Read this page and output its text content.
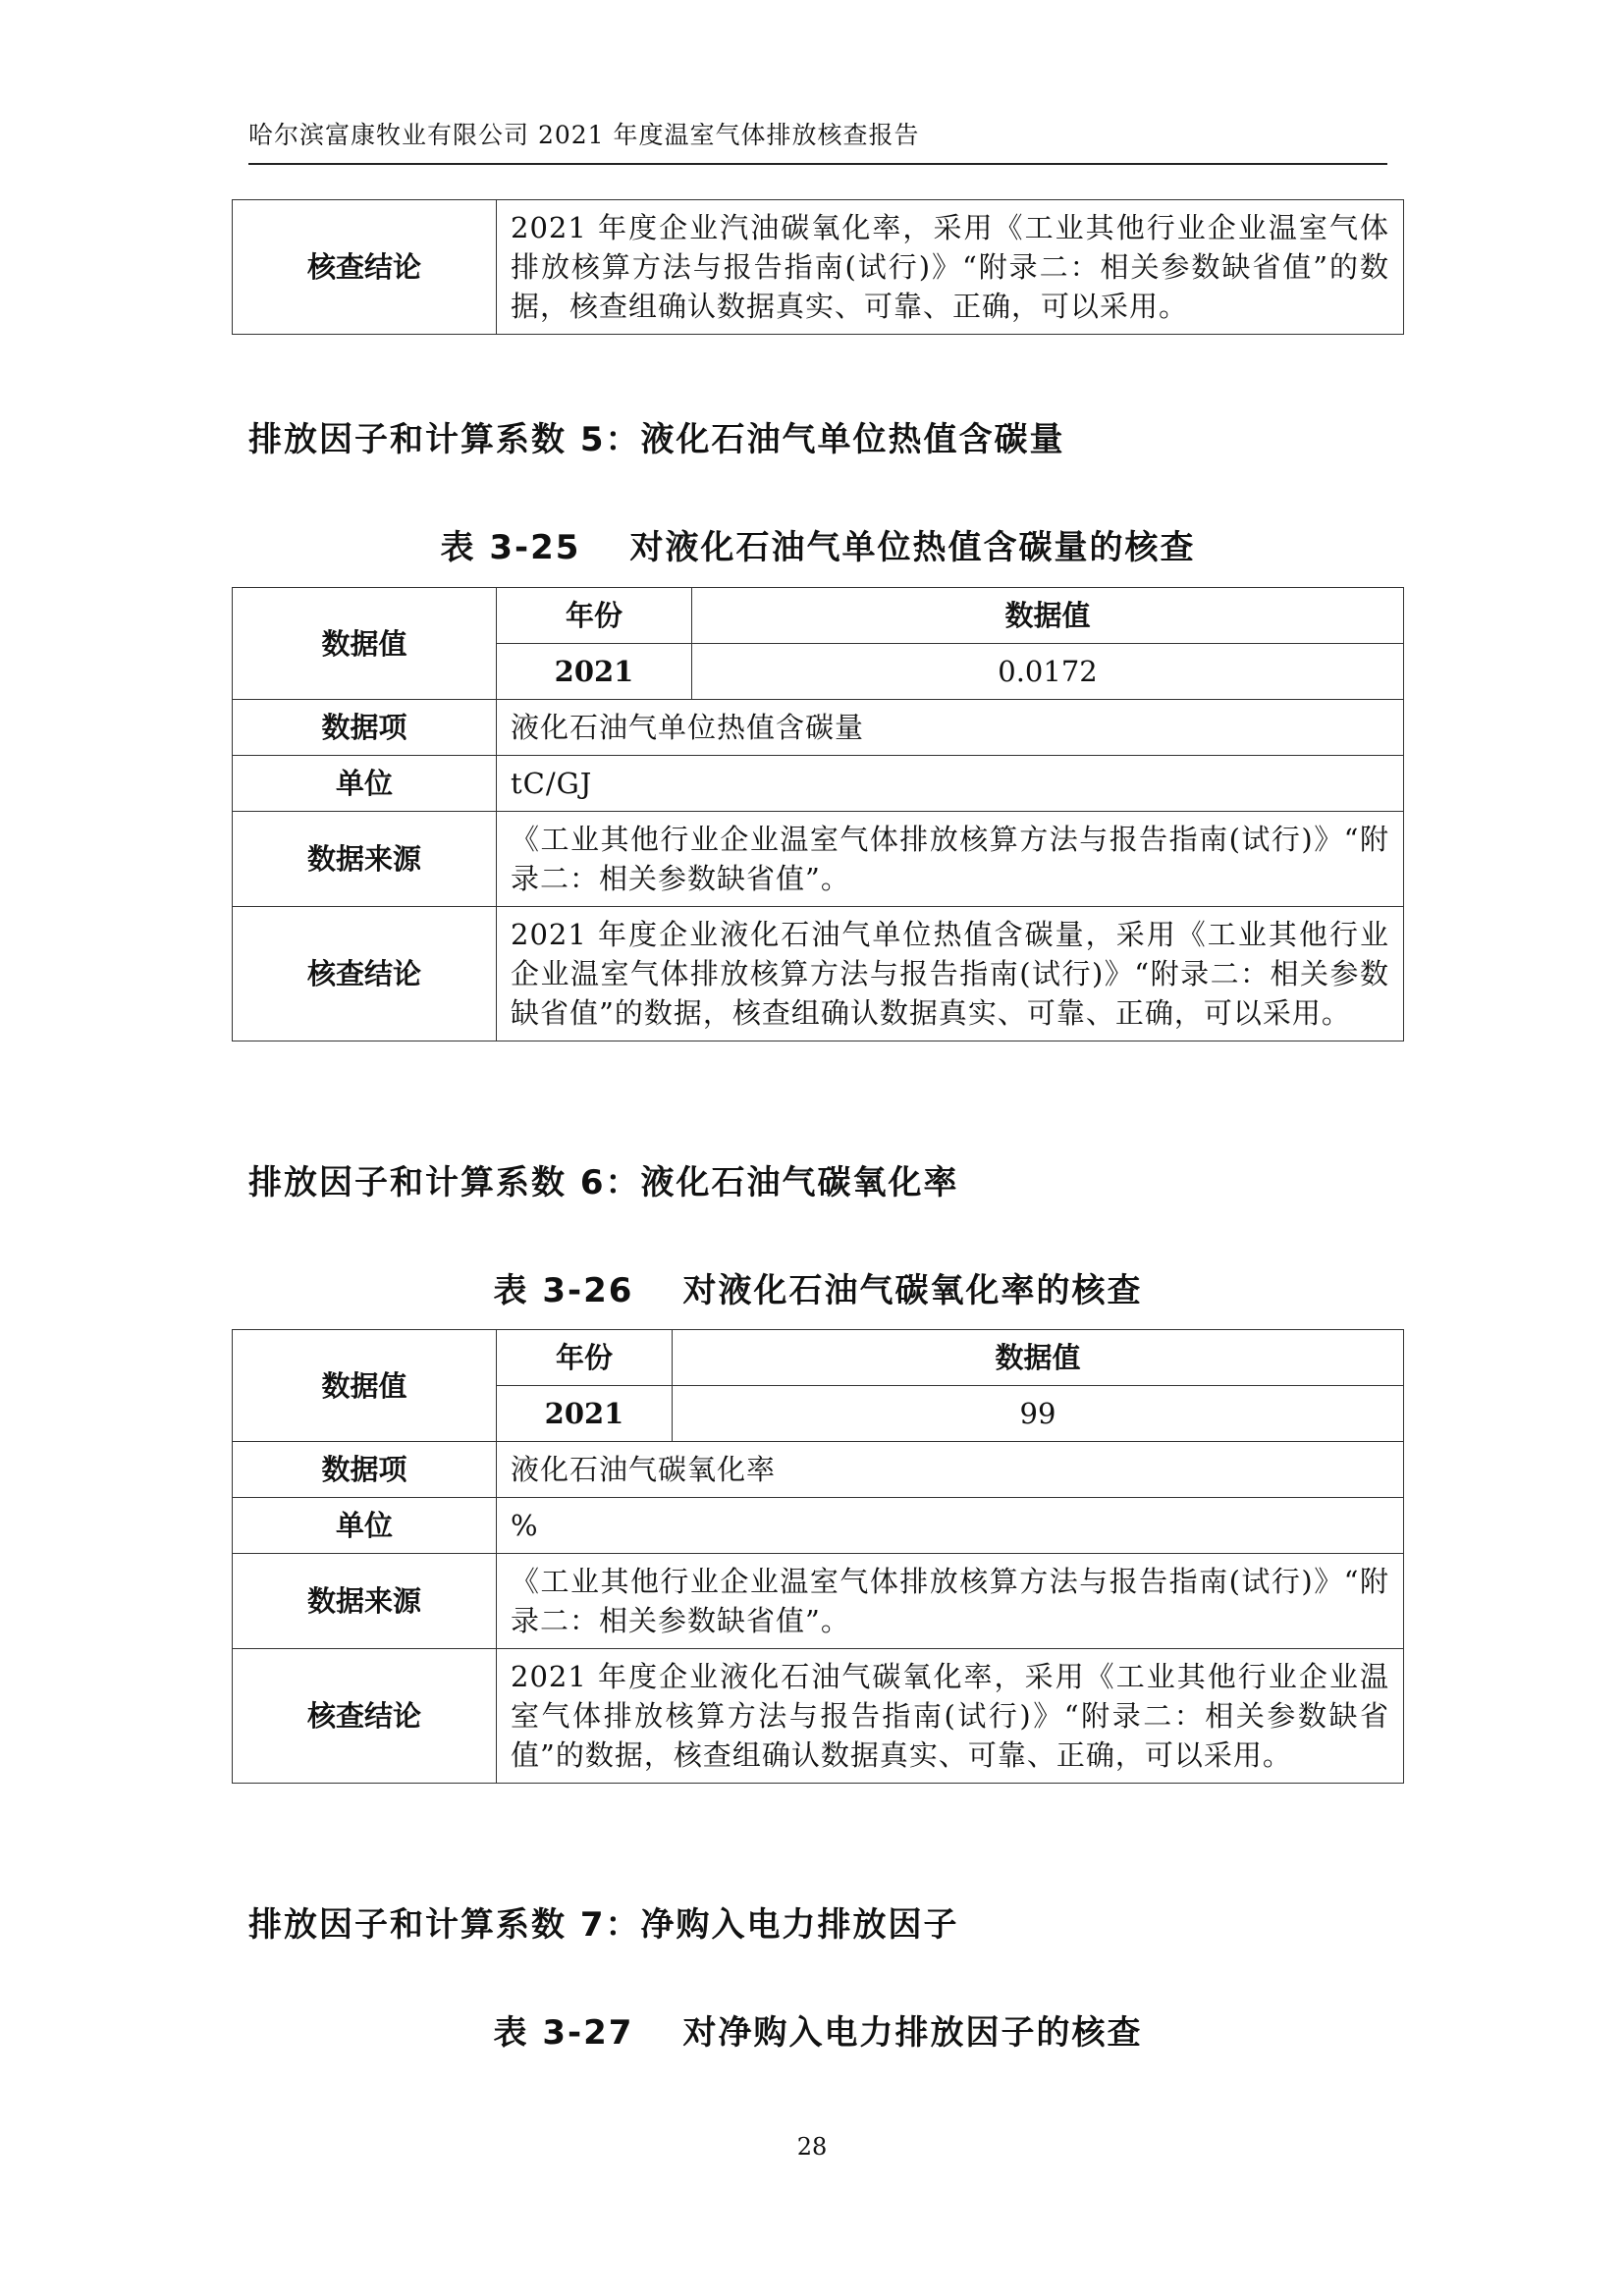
哈尔滨富康牧业有限公司 2021 年度温室气体排放核查报告
核查结论	2021 年度企业汽油碳氧化率，采用《工业其他行业企业温室气体排放核算方法与报告指南(试行)》“附录二：相关参数缺省值”的数据，核查组确认数据真实、可靠、正确，可以采用。
排放因子和计算系数 5：液化石油气单位热值含碳量
表 3-25 对液化石油气单位热值含碳量的核查
数据值	年份	数据值
	2021	0.0172
数据项	液化石油气单位热值含碳量	
单位	tC/GJ	
数据来源	《工业其他行业企业温室气体排放核算方法与报告指南(试行)》“附录二：相关参数缺省值”。	
核查结论	2021 年度企业液化石油气单位热值含碳量，采用《工业其他行业企业温室气体排放核算方法与报告指南(试行)》“附录二：相关参数缺省值”的数据，核查组确认数据真实、可靠、正确，可以采用。	
排放因子和计算系数 6：液化石油气碳氧化率
表 3-26 对液化石油气碳氧化率的核查
数据值	年份	数据值
	2021	99
数据项	液化石油气碳氧化率	
单位	%	
数据来源	《工业其他行业企业温室气体排放核算方法与报告指南(试行)》“附录二：相关参数缺省值”。	
核查结论	2021 年度企业液化石油气碳氧化率，采用《工业其他行业企业温室气体排放核算方法与报告指南(试行)》“附录二：相关参数缺省值”的数据，核查组确认数据真实、可靠、正确，可以采用。	
排放因子和计算系数 7：净购入电力排放因子
表 3-27 对净购入电力排放因子的核查
28
